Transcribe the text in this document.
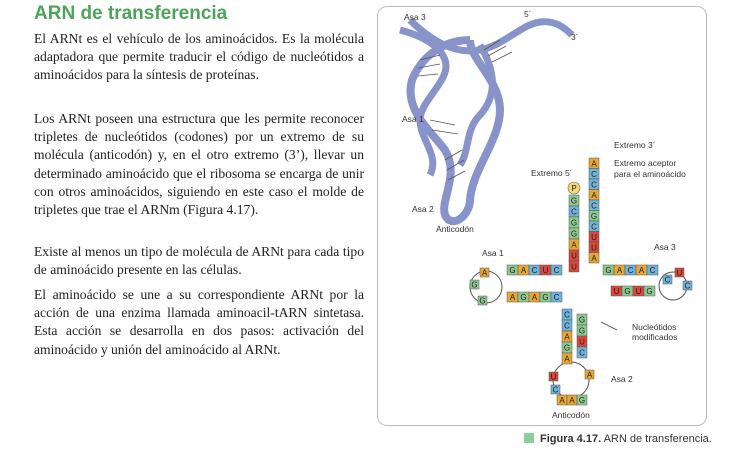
ARN de transferencia
El ARNt es el vehículo de los aminoácidos. Es la molécula adaptadora que permite traducir el código de nucleótidos a aminoácidos para la síntesis de proteínas.
Los ARNt poseen una estructura que les permite reconocer tripletes de nucleótidos (codones) por un extremo de su molécula (anticodón) y, en el otro extremo (3’), llevar un determinado aminoácido que el ribosoma se encarga de unir con otros aminoácidos, siguiendo en este caso el molde de tripletes que trae el ARNm (Figura 4.17).
Existe al menos un tipo de molécula de ARNt para cada tipo de aminoácido presente en las células.
El aminoácido se une a su correspondiente ARNt por la acción de una enzima llamada aminoacil-tARN sintetasa. Esta acción se desarrolla en dos pasos: activación del aminoácido y unión del aminoácido al ARNt.
Asa 3	5´
3´
Asa 1
Asa 2
Anticodón
Extremo 3´
Extremo 5´
Extremo aceptor
para el aminoácido
Asa 1
Asa 3
Asa 2
Nucleótidos
modificados
Anticodón
P
A
C
C
A
C
G
C
U
U
A
G
C
G
G
A
U
U
G A C U C
A G A G C
G A C A C
U G U G
C
C
A
G
A
G
G
U
C
A A G
G
G
A
C
U
C
U
C
A
Figura 4.17. ARN de transferencia.
